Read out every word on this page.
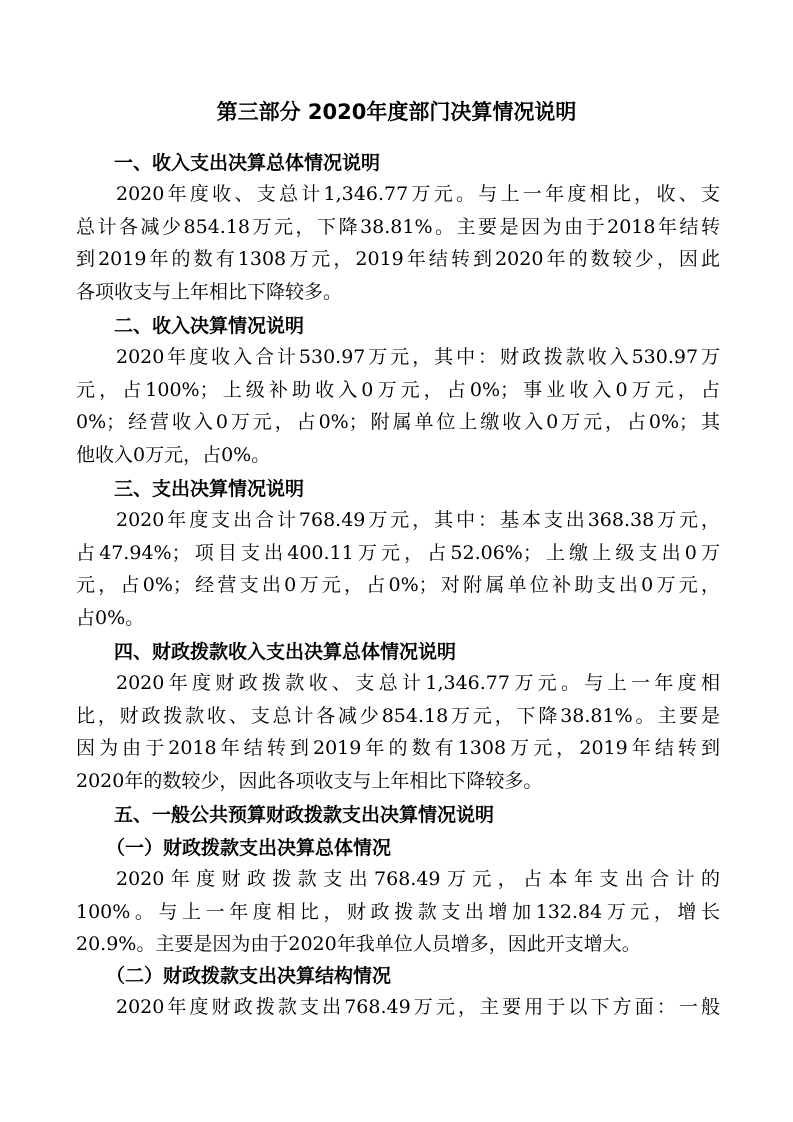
第三部分 2020年度部门决算情况说明
一、收入支出决算总体情况说明
2020年度收、支总计1,346.77万元。与上一年度相比，收、支
总计各减少854.18万元，下降38.81%。主要是因为由于2018年结转
到2019年的数有1308万元，2019年结转到2020年的数较少，因此
各项收支与上年相比下降较多。
二、收入决算情况说明
2020年度收入合计530.97万元，其中：财政拨款收入530.97万
元，占100%；上级补助收入0万元，占0%；事业收入0万元，占
0%；经营收入0万元，占0%；附属单位上缴收入0万元，占0%；其
他收入0万元，占0%。
三、支出决算情况说明
2020年度支出合计768.49万元，其中：基本支出368.38万元，
占47.94%；项目支出400.11万元，占52.06%；上缴上级支出0万
元，占0%；经营支出0万元，占0%；对附属单位补助支出0万元，
占0%。
四、财政拨款收入支出决算总体情况说明
2020年度财政拨款收、支总计1,346.77万元。与上一年度相
比，财政拨款收、支总计各减少854.18万元，下降38.81%。主要是
因为由于2018年结转到2019年的数有1308万元，2019年结转到
2020年的数较少，因此各项收支与上年相比下降较多。
五、一般公共预算财政拨款支出决算情况说明
（一）财政拨款支出决算总体情况
2020年度财政拨款支出768.49万元，占本年支出合计的
100%。与上一年度相比，财政拨款支出增加132.84万元，增长
20.9%。主要是因为由于2020年我单位人员增多，因此开支增大。
（二）财政拨款支出决算结构情况
2020年度财政拨款支出768.49万元，主要用于以下方面：一般
